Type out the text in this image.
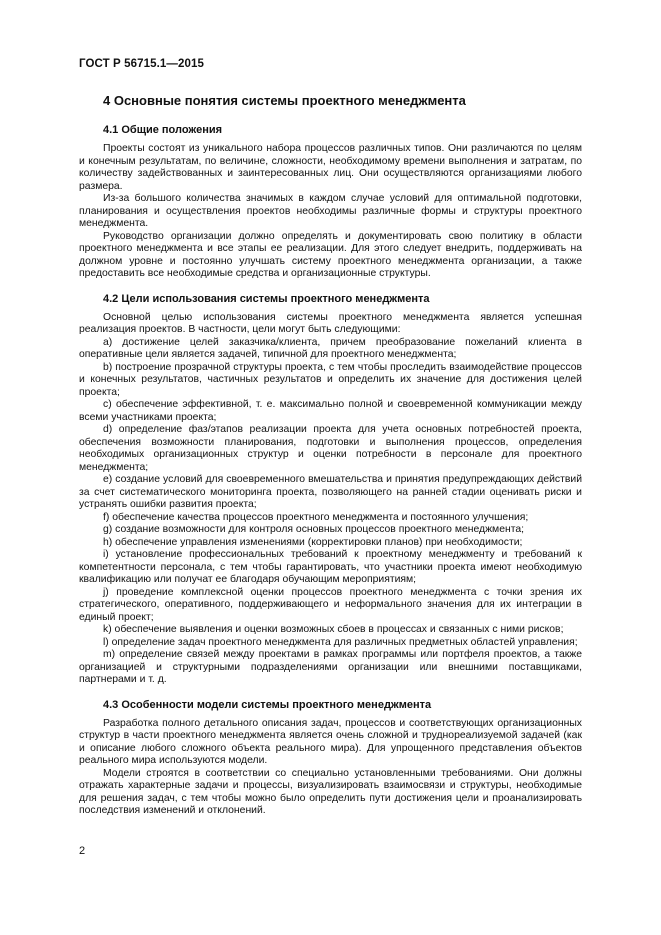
ГОСТ Р 56715.1—2015
4 Основные понятия системы проектного менеджмента
4.1 Общие положения

Проекты состоят из уникального набора процессов различных типов. Они различаются по целям и конечным результатам, по величине, сложности, необходимому времени выполнения и затратам, по количеству задействованных и заинтересованных лиц. Они осуществляются организациями любого размера.

Из-за большого количества значимых в каждом случае условий для оптимальной подготовки, планирования и осуществления проектов необходимы различные формы и структуры проектного менеджмента.

Руководство организации должно определять и документировать свою политику в области проектного менеджмента и все этапы ее реализации. Для этого следует внедрить, поддерживать на должном уровне и постоянно улучшать систему проектного менеджмента организации, а также предоставить все необходимые средства и организационные структуры.

4.2 Цели использования системы проектного менеджмента

Основной целью использования системы проектного менеджмента является успешная реализация проектов. В частности, цели могут быть следующими:

a) достижение целей заказчика/клиента, причем преобразование пожеланий клиента в оперативные цели является задачей, типичной для проектного менеджмента;

b) построение прозрачной структуры проекта, с тем чтобы проследить взаимодействие процессов и конечных результатов, частичных результатов и определить их значение для достижения целей проекта;

c) обеспечение эффективной, т. е. максимально полной и своевременной коммуникации между всеми участниками проекта;

d) определение фаз/этапов реализации проекта для учета основных потребностей проекта, обеспечения возможности планирования, подготовки и выполнения процессов, определения необходимых организационных структур и оценки потребности в персонале для проектного менеджмента;

e) создание условий для своевременного вмешательства и принятия предупреждающих действий за счет систематического мониторинга проекта, позволяющего на ранней стадии оценивать риски и устранять ошибки развития проекта;

f) обеспечение качества процессов проектного менеджмента и постоянного улучшения;

g) создание возможности для контроля основных процессов проектного менеджмента;

h) обеспечение управления изменениями (корректировки планов) при необходимости;

i) установление профессиональных требований к проектному менеджменту и требований к компетентности персонала, с тем чтобы гарантировать, что участники проекта имеют необходимую квалификацию или получат ее благодаря обучающим мероприятиям;

j) проведение комплексной оценки процессов проектного менеджмента с точки зрения их стратегического, оперативного, поддерживающего и неформального значения для их интеграции в единый проект;

k) обеспечение выявления и оценки возможных сбоев в процессах и связанных с ними рисков;

l) определение задач проектного менеджмента для различных предметных областей управления;

m) определение связей между проектами в рамках программы или портфеля проектов, а также организацией и структурными подразделениями организации или внешними поставщиками, партнерами и т. д.

4.3 Особенности модели системы проектного менеджмента

Разработка полного детального описания задач, процессов и соответствующих организационных структур в части проектного менеджмента является очень сложной и труднореализуемой задачей (как и описание любого сложного объекта реального мира). Для упрощенного представления объектов реального мира используются модели.

Модели строятся в соответствии со специально установленными требованиями. Они должны отражать характерные задачи и процессы, визуализировать взаимосвязи и структуры, необходимые для решения задач, с тем чтобы можно было определить пути достижения цели и проанализировать последствия изменений и отклонений.

2
